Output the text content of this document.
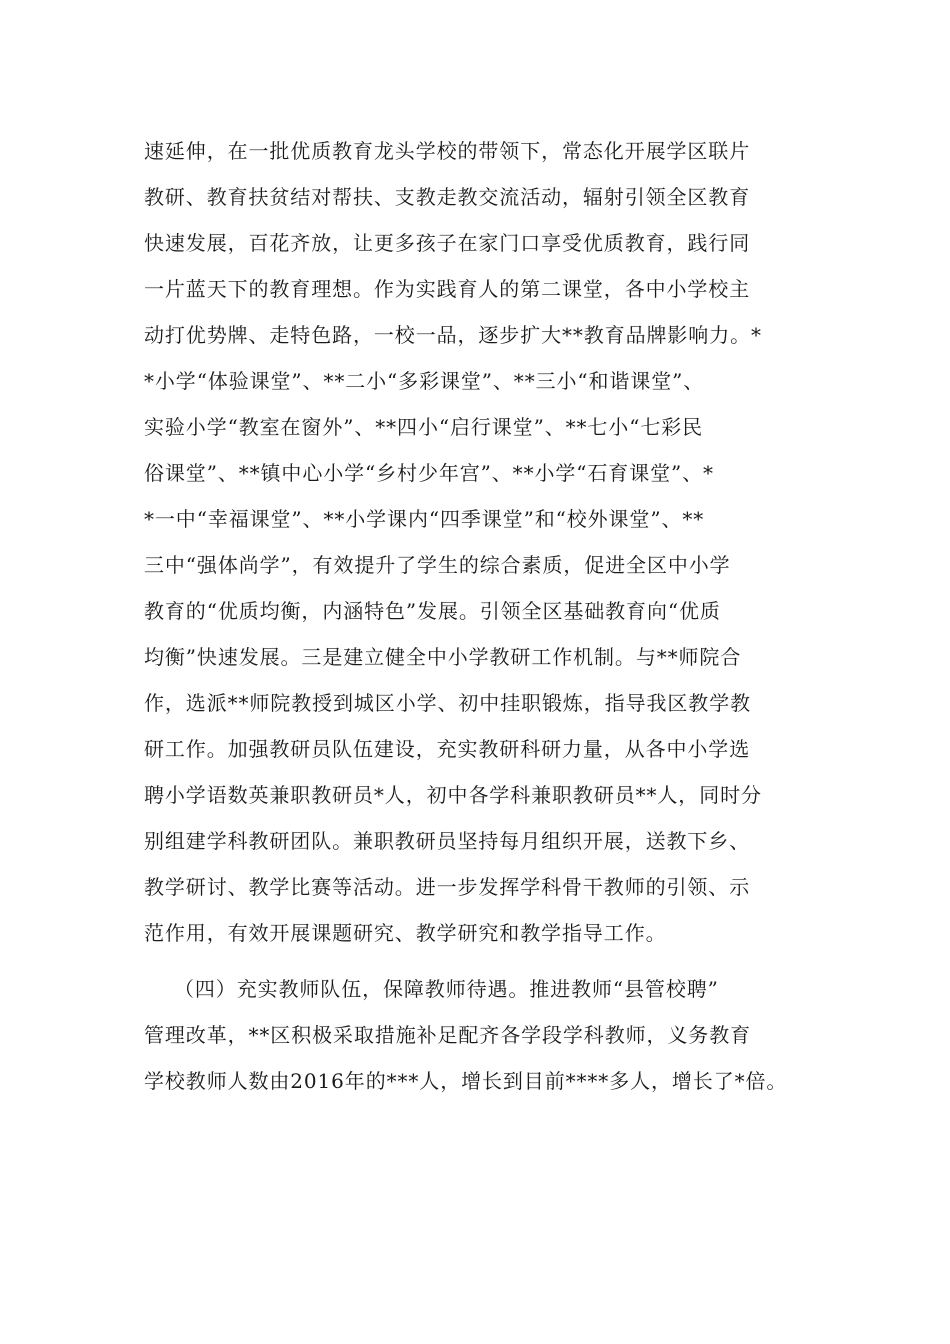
速延伸，在一批优质教育龙头学校的带领下，常态化开展学区联片
教研、教育扶贫结对帮扶、支教走教交流活动，辐射引领全区教育
快速发展，百花齐放，让更多孩子在家门口享受优质教育，践行同
一片蓝天下的教育理想。作为实践育人的第二课堂，各中小学校主
动打优势牌、走特色路，一校一品，逐步扩大**教育品牌影响力。*
*小学“体验课堂”、**二小“多彩课堂”、**三小“和谐课堂”、
实验小学“教室在窗外”、**四小“启行课堂”、**七小“七彩民
俗课堂”、**镇中心小学“乡村少年宫”、**小学“石育课堂”、*
*一中“幸福课堂”、**小学课内“四季课堂”和“校外课堂”、**
三中“强体尚学”，有效提升了学生的综合素质，促进全区中小学
教育的“优质均衡，内涵特色”发展。引领全区基础教育向“优质
均衡”快速发展。三是建立健全中小学教研工作机制。与**师院合
作，选派**师院教授到城区小学、初中挂职锻炼，指导我区教学教
研工作。加强教研员队伍建设，充实教研科研力量，从各中小学选
聘小学语数英兼职教研员*人，初中各学科兼职教研员**人，同时分
别组建学科教研团队。兼职教研员坚持每月组织开展，送教下乡、
教学研讨、教学比赛等活动。进一步发挥学科骨干教师的引领、示
范作用，有效开展课题研究、教学研究和教学指导工作。
（四）充实教师队伍，保障教师待遇。推进教师“县管校聘”
管理改革，**区积极采取措施补足配齐各学段学科教师，义务教育
学校教师人数由2016年的***人，增长到目前****多人，增长了*倍。
